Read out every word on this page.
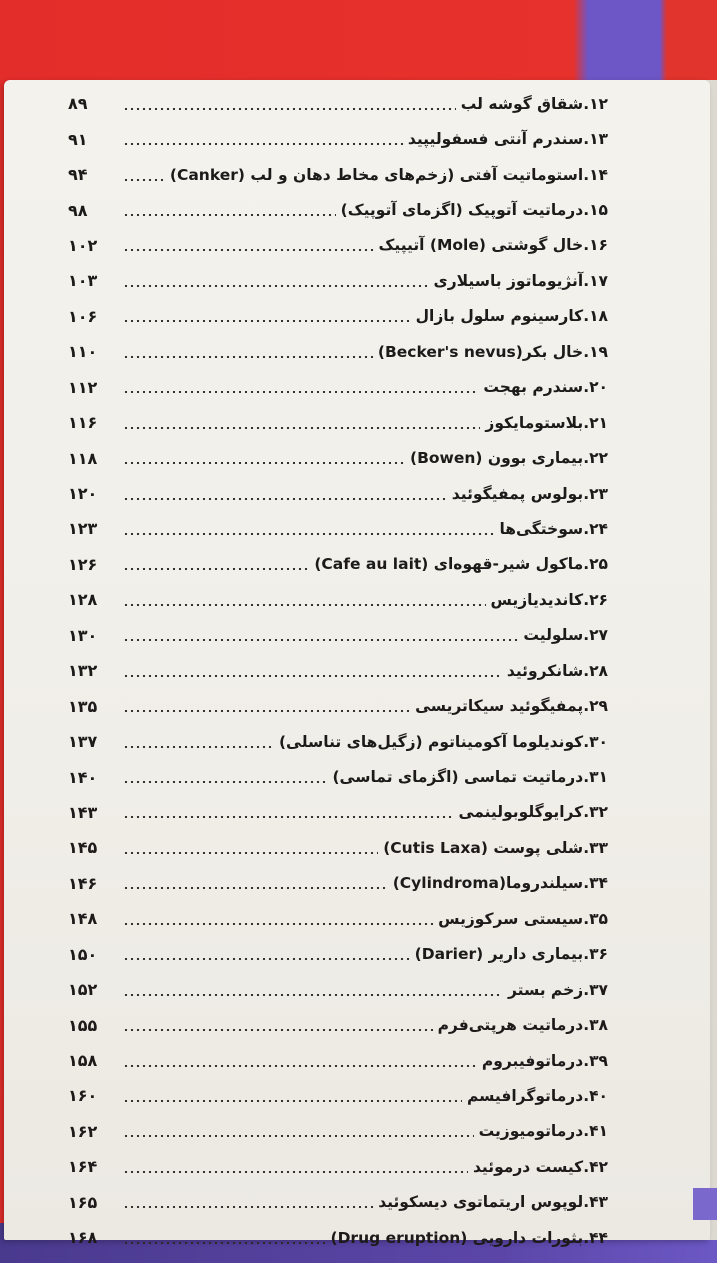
۱۲.
شقاق گوشه لب
۸۹
۱۳.
سندرم آنتی فسفولیپید
۹۱
۱۴.
استوماتیت آفتی (زخم‌های مخاط دهان و لب (Canker)
۹۴
۱۵.
درماتیت آتوپیک (اگزمای آتوپیک)
۹۸
۱۶.
خال گوشتی (Mole) آتیپیک
۱۰۲
۱۷.
آنژیوماتوز باسیلاری
۱۰۳
۱۸.
کارسینوم سلول بازال
۱۰۶
۱۹.
خال بکر(Becker's nevus)
۱۱۰
۲۰.
سندرم بهجت
۱۱۲
۲۱.
بلاستومایکوز
۱۱۶
۲۲.
بیماری بوون (Bowen)
۱۱۸
۲۳.
بولوس پمفیگوئید
۱۲۰
۲۴.
سوختگی‌ها
۱۲۳
۲۵.
ماکول شیر-قهوه‌ای (Cafe au lait)
۱۲۶
۲۶.
کاندیدیازیس
۱۲۸
۲۷.
سلولیت
۱۳۰
۲۸.
شانکروئید
۱۳۲
۲۹.
پمفیگوئید سیکاتریسی
۱۳۵
۳۰.
کوندیلوما آکومیناتوم (زگیل‌های تناسلی)
۱۳۷
۳۱.
درماتیت تماسی (اگزمای تماسی)
۱۴۰
۳۲.
کرایوگلوبولینمی
۱۴۳
۳۳.
شلی پوست (Cutis Laxa)
۱۴۵
۳۴.
سیلندروما(Cylindroma)
۱۴۶
۳۵.
سیستی سرکوزیس
۱۴۸
۳۶.
بیماری داریر (Darier)
۱۵۰
۳۷.
زخم بستر
۱۵۲
۳۸.
درماتیت هرپتی‌فرم
۱۵۵
۳۹.
درماتوفیبروم
۱۵۸
۴۰.
درماتوگرافیسم
۱۶۰
۴۱.
درماتومیوزیت
۱۶۲
۴۲.
کیست درموئید
۱۶۴
۴۳.
لوپوس اریتماتوی دیسکوئید
۱۶۵
۴۴.
بثورات دارویی (Drug eruption)
۱۶۸
